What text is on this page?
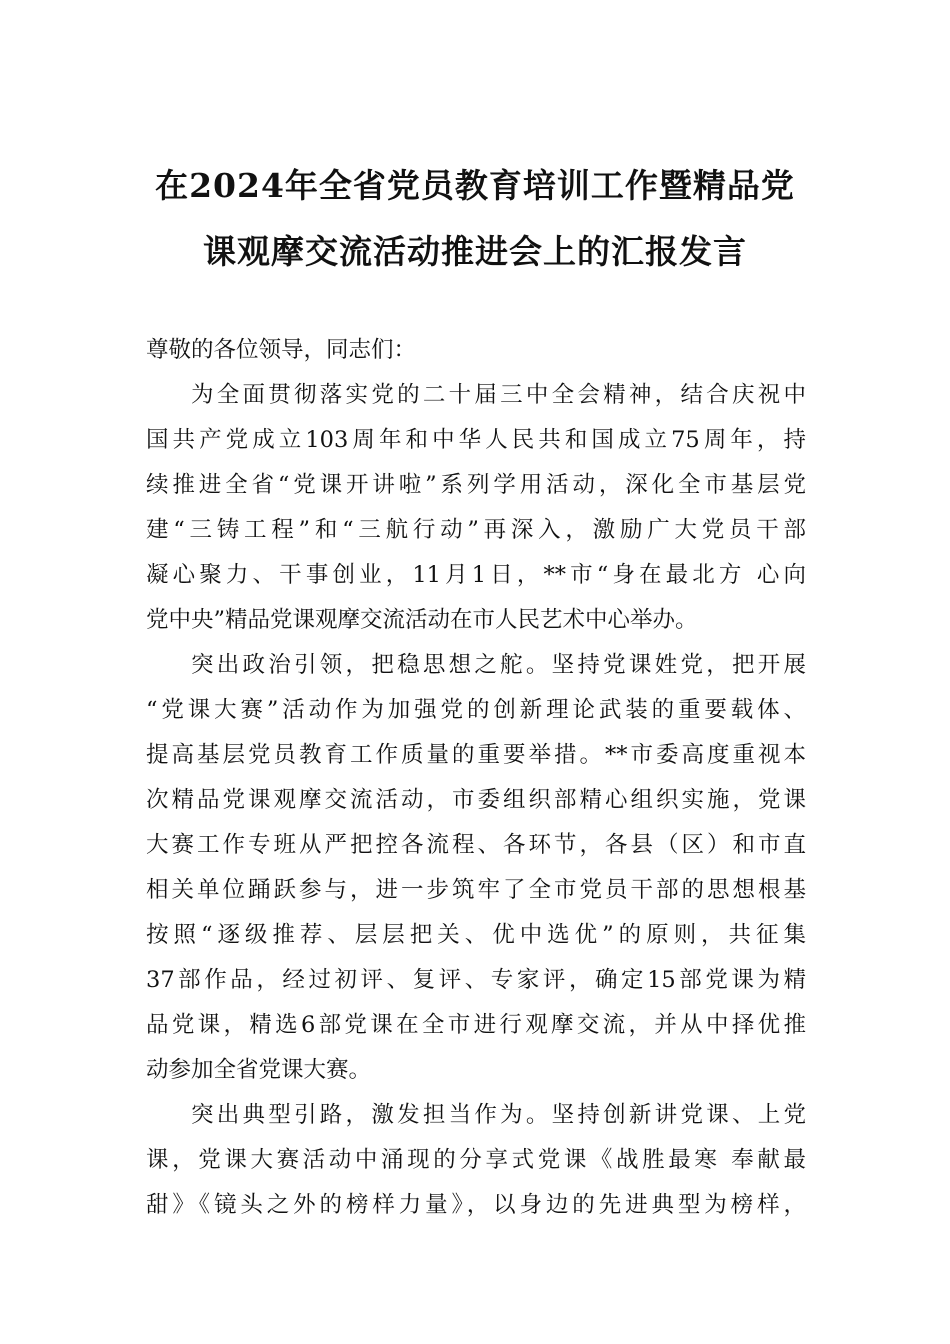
在2024年全省党员教育培训工作暨精品党
课观摩交流活动推进会上的汇报发言
尊敬的各位领导，同志们：
为全面贯彻落实党的二十届三中全会精神，结合庆祝中
国共产党成立103周年和中华人民共和国成立75周年，持
续推进全省“党课开讲啦”系列学用活动，深化全市基层党
建“三铸工程”和“三航行动”再深入，激励广大党员干部
凝心聚力、干事创业，11月1日，**市“身在最北方 心向
党中央”精品党课观摩交流活动在市人民艺术中心举办。
突出政治引领，把稳思想之舵。坚持党课姓党，把开展
“党课大赛”活动作为加强党的创新理论武装的重要载体、
提高基层党员教育工作质量的重要举措。**市委高度重视本
次精品党课观摩交流活动，市委组织部精心组织实施，党课
大赛工作专班从严把控各流程、各环节，各县（区）和市直
相关单位踊跃参与，进一步筑牢了全市党员干部的思想根基
按照“逐级推荐、层层把关、优中选优”的原则，共征集
37部作品，经过初评、复评、专家评，确定15部党课为精
品党课，精选6部党课在全市进行观摩交流，并从中择优推
动参加全省党课大赛。
突出典型引路，激发担当作为。坚持创新讲党课、上党
课，党课大赛活动中涌现的分享式党课《战胜最寒 奉献最
甜》《镜头之外的榜样力量》，以身边的先进典型为榜样，
